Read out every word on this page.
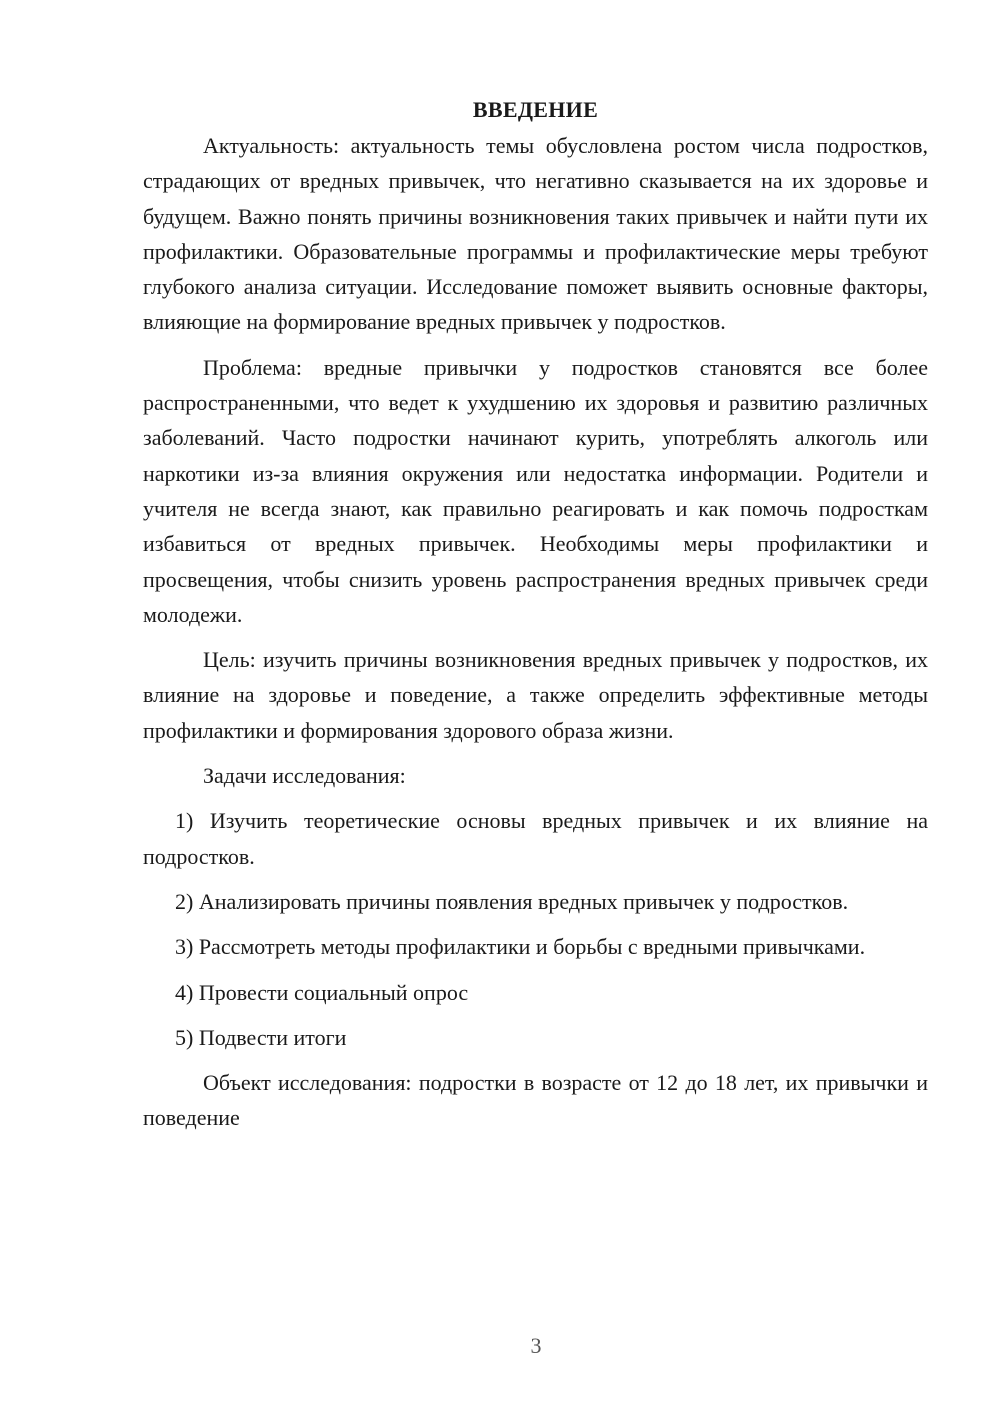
ВВЕДЕНИЕ

Актуальность: актуальность темы обусловлена ростом числа подростков, страдающих от вредных привычек, что негативно сказывается на их здоровье и будущем. Важно понять причины возникновения таких привычек и найти пути их профилактики. Образовательные программы и профилактические меры требуют глубокого анализа ситуации. Исследование поможет выявить основные факторы, влияющие на формирование вредных привычек у подростков.

Проблема: вредные привычки у подростков становятся все более распространенными, что ведет к ухудшению их здоровья и развитию различных заболеваний. Часто подростки начинают курить, употреблять алкоголь или наркотики из-за влияния окружения или недостатка информации. Родители и учителя не всегда знают, как правильно реагировать и как помочь подросткам избавиться от вредных привычек. Необходимы меры профилактики и просвещения, чтобы снизить уровень распространения вредных привычек среди молодежи.

Цель: изучить причины возникновения вредных привычек у подростков, их влияние на здоровье и поведение, а также определить эффективные методы профилактики и формирования здорового образа жизни.

Задачи исследования:

1) Изучить теоретические основы вредных привычек и их влияние на подростков.

2) Анализировать причины появления вредных привычек у подростков.

3) Рассмотреть методы профилактики и борьбы с вредными привычками.

4) Провести социальный опрос

5) Подвести итоги

Объект исследования: подростки в возрасте от 12 до 18 лет, их привычки и поведение

3
